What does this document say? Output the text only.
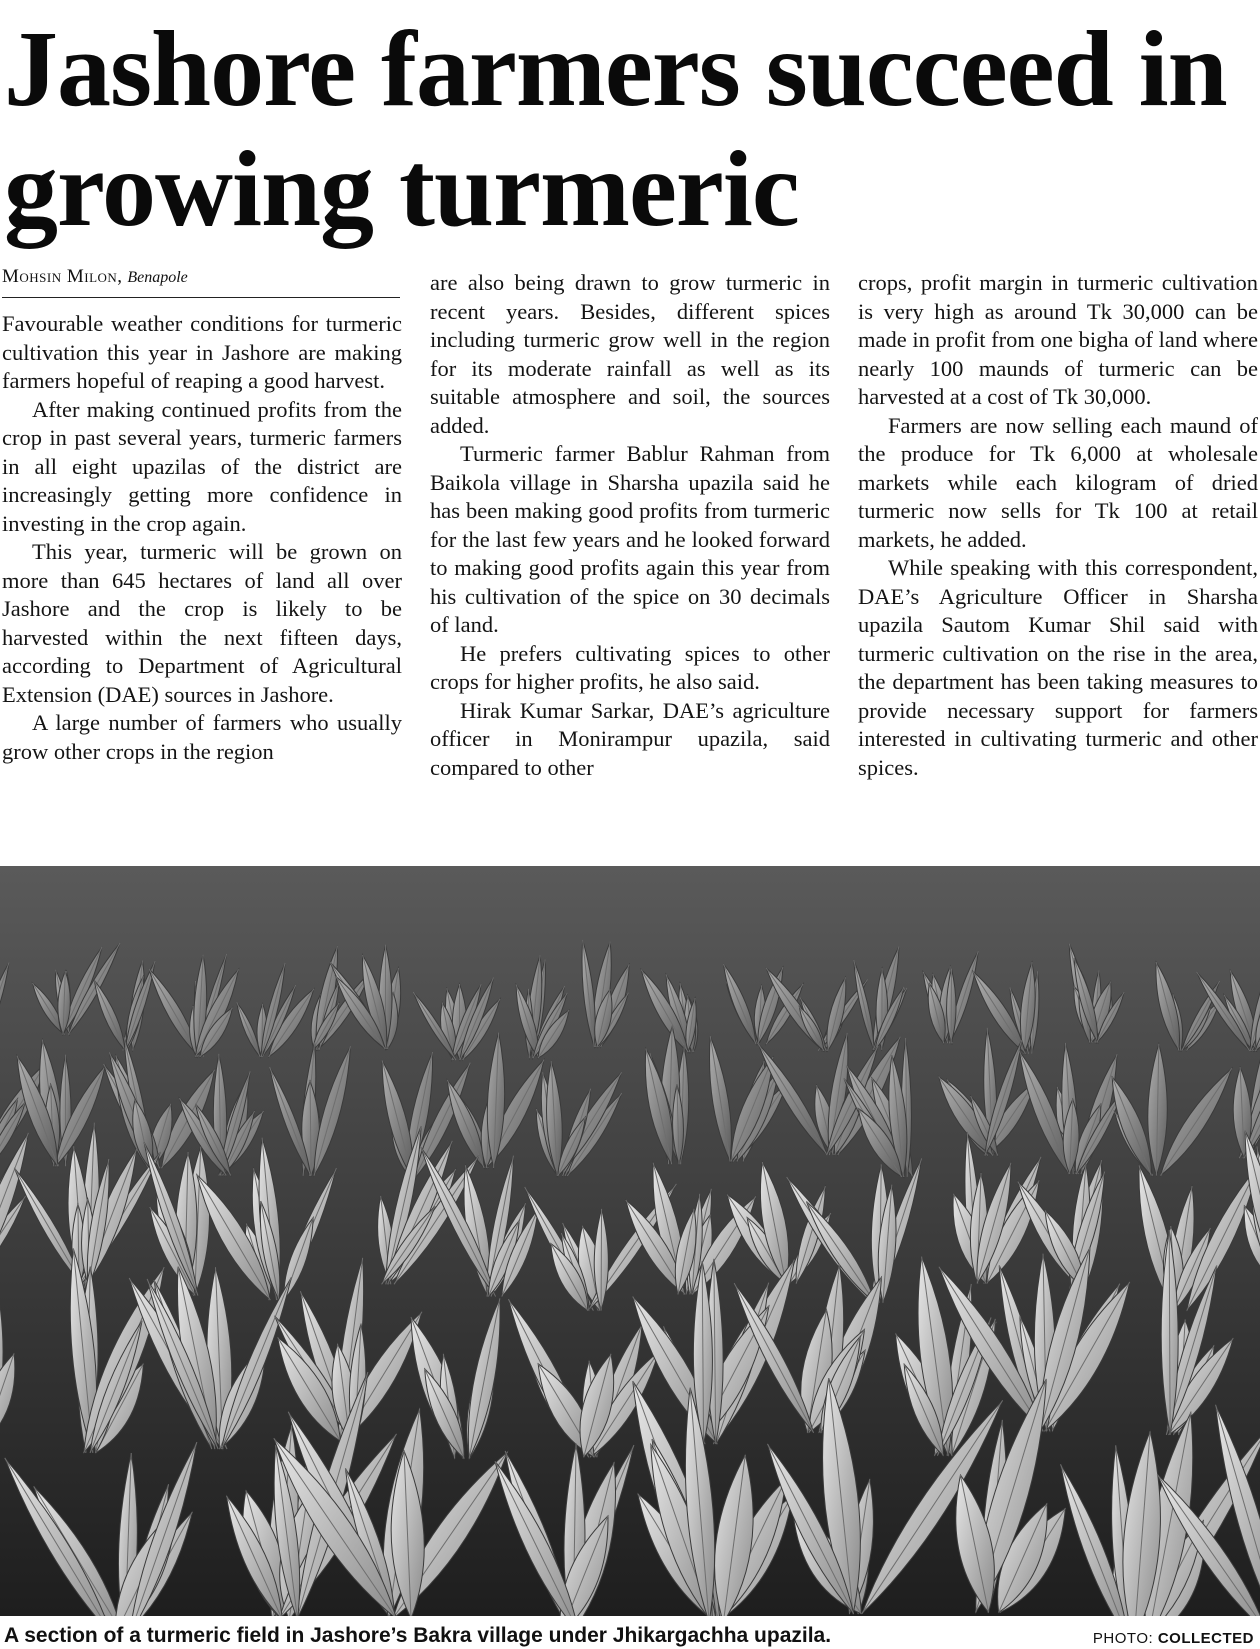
Jashore farmers succeed in growing turmeric
Mohsin Milon, Benapole

Favourable weather conditions for turmeric cultivation this year in Jashore are making farmers hopeful of reaping a good harvest.

After making continued profits from the crop in past several years, turmeric farmers in all eight upazilas of the district are increasingly getting more confidence in investing in the crop again.

This year, turmeric will be grown on more than 645 hectares of land all over Jashore and the crop is likely to be harvested within the next fifteen days, according to Department of Agricultural Extension (DAE) sources in Jashore.

A large number of farmers who usually grow other crops in the region

are also being drawn to grow turmeric in recent years. Besides, different spices including turmeric grow well in the region for its moderate rainfall as well as its suitable atmosphere and soil, the sources added.

Turmeric farmer Bablur Rahman from Baikola village in Sharsha upazila said he has been making good profits from turmeric for the last few years and he looked forward to making good profits again this year from his cultivation of the spice on 30 decimals of land.

He prefers cultivating spices to other crops for higher profits, he also said.

Hirak Kumar Sarkar, DAE’s agriculture officer in Monirampur upazila, said compared to other

crops, profit margin in turmeric cultivation is very high as around Tk 30,000 can be made in profit from one bigha of land where nearly 100 maunds of turmeric can be harvested at a cost of Tk 30,000.

Farmers are now selling each maund of the produce for Tk 6,000 at wholesale markets while each kilogram of dried turmeric now sells for Tk 100 at retail markets, he added.

While speaking with this correspondent, DAE’s Agriculture Officer in Sharsha upazila Sautom Kumar Shil said with turmeric cultivation on the rise in the area, the department has been taking measures to provide necessary support for farmers interested in cultivating turmeric and other spices.

A section of a turmeric field in Jashore’s Bakra village under Jhikargachha upazila.	PHOTO: COLLECTED
